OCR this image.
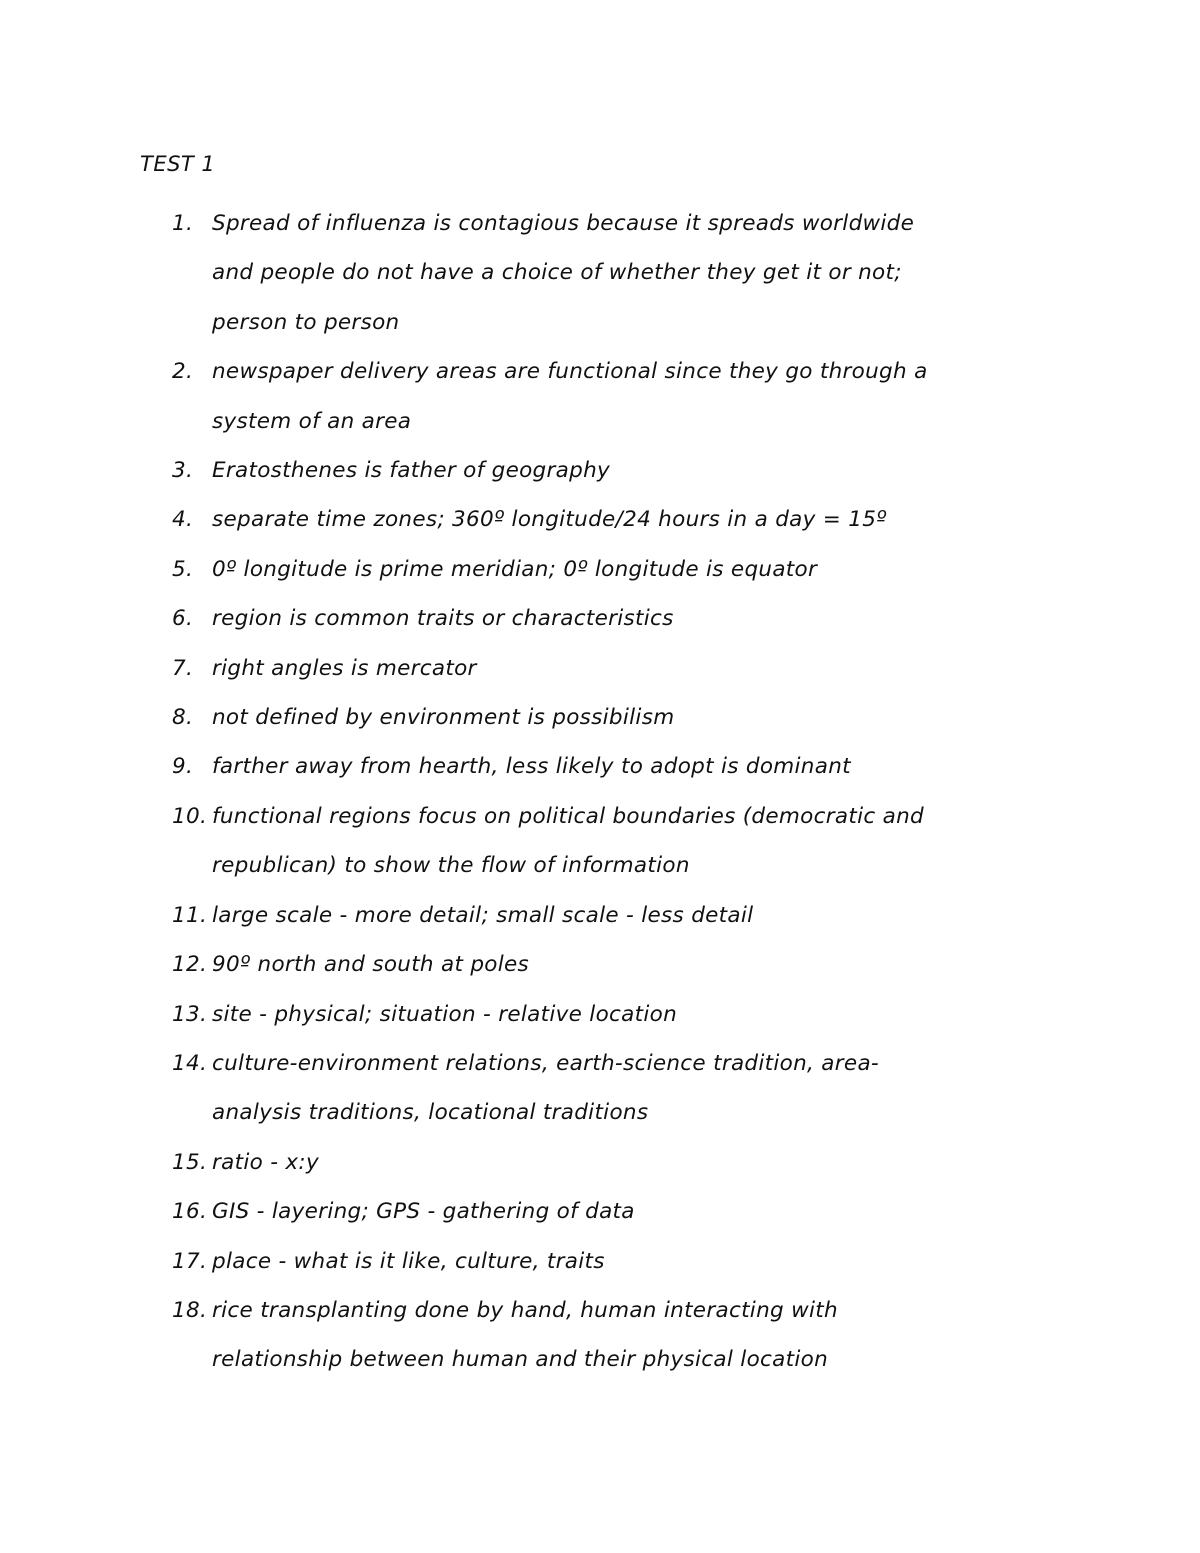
TEST 1
1. Spread of influenza is contagious because it spreads worldwide
and people do not have a choice of whether they get it or not;
person to person
2. newspaper delivery areas are functional since they go through a
system of an area
3. Eratosthenes is father of geography
4. separate time zones; 360º longitude/24 hours in a day = 15º
5. 0º longitude is prime meridian; 0º longitude is equator
6. region is common traits or characteristics
7. right angles is mercator
8. not defined by environment is possibilism
9. farther away from hearth, less likely to adopt is dominant
10. functional regions focus on political boundaries (democratic and
republican) to show the flow of information
11. large scale - more detail; small scale - less detail
12. 90º north and south at poles
13. site - physical; situation - relative location
14. culture-environment relations, earth-science tradition, area-
analysis traditions, locational traditions
15. ratio - x:y
16. GIS - layering; GPS - gathering of data
17. place - what is it like, culture, traits
18. rice transplanting done by hand, human interacting with
relationship between human and their physical location
